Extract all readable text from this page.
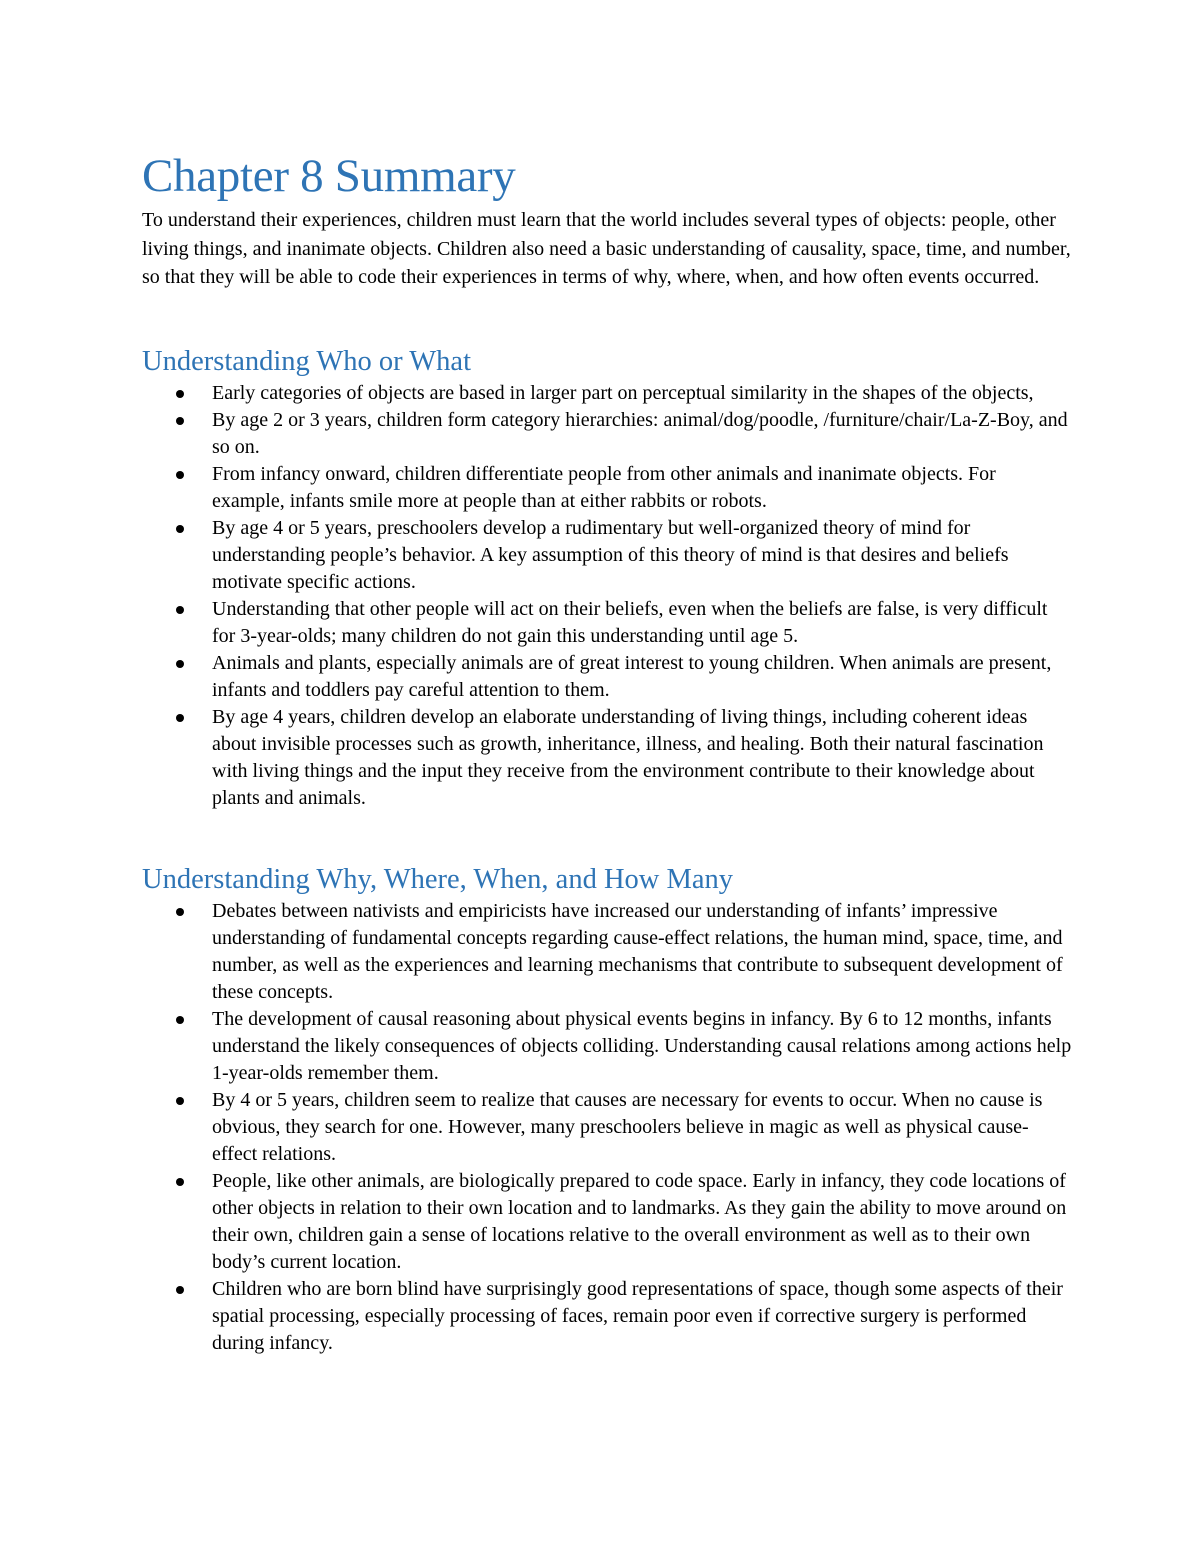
Chapter 8 Summary

To understand their experiences, children must learn that the world includes several types of objects: people, other living things, and inanimate objects. Children also need a basic understanding of causality, space, time, and number, so that they will be able to code their experiences in terms of why, where, when, and how often events occurred.

Understanding Who or What
Early categories of objects are based in larger part on perceptual similarity in the shapes of the objects,
By age 2 or 3 years, children form category hierarchies: animal/dog/poodle, /furniture/chair/La-Z-Boy, and so on.
From infancy onward, children differentiate people from other animals and inanimate objects. For example, infants smile more at people than at either rabbits or robots.
By age 4 or 5 years, preschoolers develop a rudimentary but well-organized theory of mind for understanding people’s behavior. A key assumption of this theory of mind is that desires and beliefs motivate specific actions.
Understanding that other people will act on their beliefs, even when the beliefs are false, is very difficult for 3-year-olds; many children do not gain this understanding until age 5.
Animals and plants, especially animals are of great interest to young children. When animals are present, infants and toddlers pay careful attention to them.
By age 4 years, children develop an elaborate understanding of living things, including coherent ideas about invisible processes such as growth, inheritance, illness, and healing. Both their natural fascination with living things and the input they receive from the environment contribute to their knowledge about plants and animals.
Understanding Why, Where, When, and How Many
Debates between nativists and empiricists have increased our understanding of infants’ impressive understanding of fundamental concepts regarding cause-effect relations, the human mind, space, time, and number, as well as the experiences and learning mechanisms that contribute to subsequent development of these concepts.
The development of causal reasoning about physical events begins in infancy. By 6 to 12 months, infants understand the likely consequences of objects colliding. Understanding causal relations among actions help 1-year-olds remember them.
By 4 or 5 years, children seem to realize that causes are necessary for events to occur. When no cause is obvious, they search for one. However, many preschoolers believe in magic as well as physical cause-effect relations.
People, like other animals, are biologically prepared to code space. Early in infancy, they code locations of other objects in relation to their own location and to landmarks. As they gain the ability to move around on their own, children gain a sense of locations relative to the overall environment as well as to their own body’s current location.
Children who are born blind have surprisingly good representations of space, though some aspects of their spatial processing, especially processing of faces, remain poor even if corrective surgery is performed during infancy.
